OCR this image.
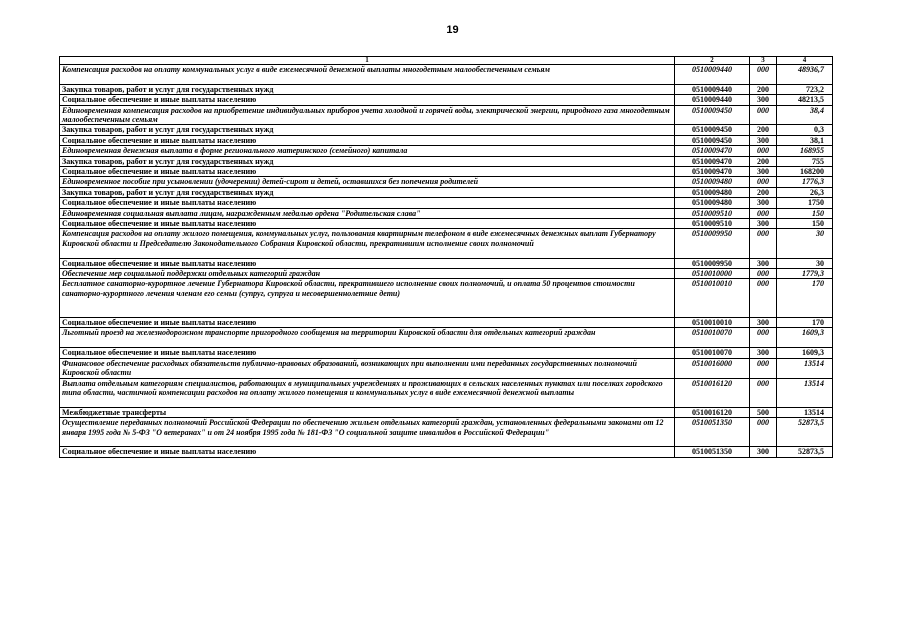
19
1	2	3	4
Компенсация расходов на оплату коммунальных услуг в виде ежемесячной денежной выплаты многодетным малообеспеченным семьям	0510009440	000	48936,7
Закупка товаров, работ и услуг для государственных нужд	0510009440	200	723,2
Социальное обеспечение и иные выплаты населению	0510009440	300	48213,5
Единовременная компенсация расходов на приобретение индивидуальных приборов учета холодной и горячей воды, электрической энергии, природного газа многодетным малообеспеченным семьям	0510009450	000	38,4
Закупка товаров, работ и услуг для государственных нужд	0510009450	200	0,3
Социальное обеспечение и иные выплаты населению	0510009450	300	38,1
Единовременная денежная выплата в форме регионального материнского (семейного) капитала	0510009470	000	168955
Закупка товаров, работ и услуг для государственных нужд	0510009470	200	755
Социальное обеспечение и иные выплаты населению	0510009470	300	168200
Единовременное пособие при усыновлении (удочерении) детей-сирот и детей, оставшихся без попечения родителей	0510009480	000	1776,3
Закупка товаров, работ и услуг для государственных нужд	0510009480	200	26,3
Социальное обеспечение и иные выплаты населению	0510009480	300	1750
Единовременная социальная выплата лицам, награжденным медалью ордена "Родительская слава"	0510009510	000	150
Социальное обеспечение и иные выплаты населению	0510009510	300	150
Компенсация расходов на оплату жилого помещения, коммунальных услуг, пользования квартирным телефоном в виде ежемесячных денежных выплат Губернатору Кировской области и Председателю Законодательного Собрания Кировской области, прекратившим исполнение своих полномочий	0510009950	000	30
Социальное обеспечение и иные выплаты населению	0510009950	300	30
Обеспечение мер социальной поддержки отдельных категорий граждан	0510010000	000	1779,3
Бесплатное санаторно-курортное лечение Губернатора Кировской области, прекратившего исполнение своих полномочий, и оплата 50 процентов стоимости санаторно-курортного лечения членам его семьи (супруг, супруга и несовершеннолетние дети)	0510010010	000	170
Социальное обеспечение и иные выплаты населению	0510010010	300	170
Льготный проезд на железнодорожном транспорте пригородного сообщения на территории Кировской области для отдельных категорий граждан	0510010070	000	1609,3
Социальное обеспечение и иные выплаты населению	0510010070	300	1609,3
Финансовое обеспечение расходных обязательств публично-правовых образований, возникающих при выполнении ими переданных государственных полномочий Кировской области	0510016000	000	13514
Выплата отдельным категориям специалистов, работающих в муниципальных учреждениях и проживающих в сельских населенных пунктах или поселках городского типа области, частичной компенсации расходов на оплату жилого помещения и коммунальных услуг в виде ежемесячной денежной выплаты	0510016120	000	13514
Межбюджетные трансферты	0510016120	500	13514
Осуществление переданных полномочий Российской Федерации по обеспечению жильем отдельных категорий граждан, установленных федеральными законами от 12 января 1995 года № 5-ФЗ "О ветеранах" и от 24 ноября 1995 года № 181-ФЗ "О социальной защите инвалидов в Российской Федерации"	0510051350	000	52873,5
Социальное обеспечение и иные выплаты населению	0510051350	300	52873,5
